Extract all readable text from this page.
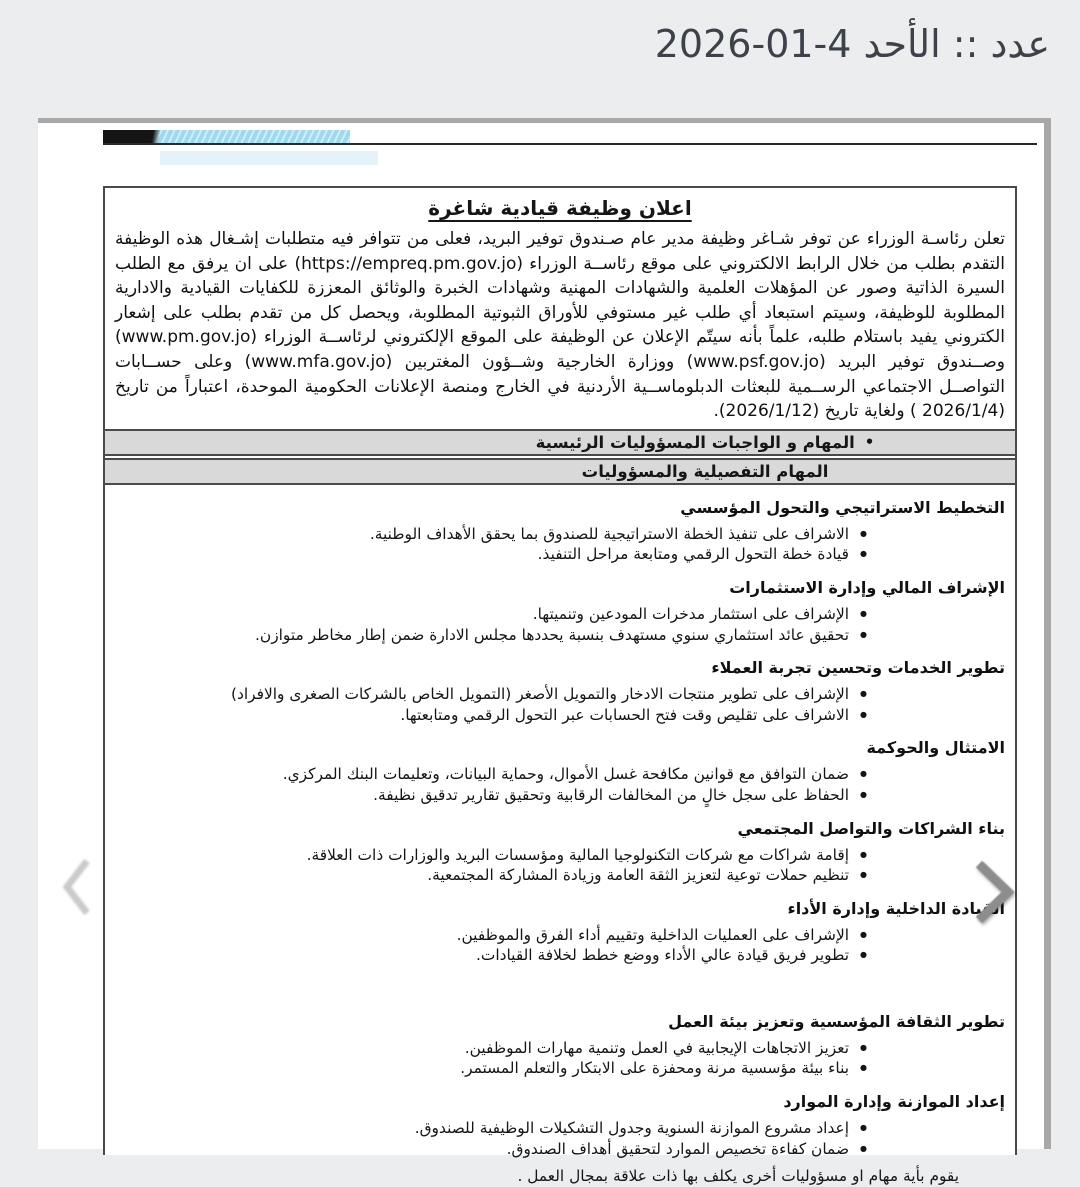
عدد :: الأحد 4-01-2026
اعلان وظيفة قيادية شاغرة

تعلن رئاسـة الوزراء عن توفر شـاغر وظيفة مدير عام صـندوق توفير البريد، فعلى من تتوافر فيه متطلبات إشـغال هذه الوظيفة التقدم بطلب من خلال الرابط الالكتروني على موقع رئاســة الوزراء (https://empreq.pm.gov.jo) على ان يرفق مع الطلب السيرة الذاتية وصور عن المؤهلات العلمية والشهادات المهنية وشهادات الخبرة والوثائق المعززة للكفايات القيادية والادارية المطلوبة للوظيفة، وسيتم استبعاد أي طلب غير مستوفي للأوراق الثبوتية المطلوبة، ويحصل كل من تقدم بطلب على إشعار الكتروني يفيد باستلام طلبه، علماً بأنه سيتّم الإعلان عن الوظيفة على الموقع الإلكتروني لرئاســة الوزراء (www.pm.gov.jo) وصــندوق توفير البريد (www.psf.gov.jo) ووزارة الخارجية وشــؤون المغتربين (www.mfa.gov.jo) وعلى حســابات التواصــل الاجتماعي الرســمية للبعثات الدبلوماســية الأردنية في الخارج ومنصة الإعلانات الحكومية الموحدة، اعتباراً من تاريخ (2026/1/4 ) ولغاية تاريخ (2026/1/12).

•
المهام و الواجبات المسؤوليات الرئيسية
المهام التفصيلية والمسؤوليات
التخطيط الاستراتيجي والتحول المؤسسي
● الاشراف على تنفيذ الخطة الاستراتيجية للصندوق بما يحقق الأهداف الوطنية.
● قيادة خطة التحول الرقمي ومتابعة مراحل التنفيذ.
الإشراف المالي وإدارة الاستثمارات
● الإشراف على استثمار مدخرات المودعين وتنميتها.
● تحقيق عائد استثماري سنوي مستهدف بنسبة يحددها مجلس الادارة ضمن إطار مخاطر متوازن.
تطوير الخدمات وتحسين تجربة العملاء
● الإشراف على تطوير منتجات الادخار والتمويل الأصغر (التمويل الخاص بالشركات الصغرى والافراد)
● الاشراف على تقليص وقت فتح الحسابات عبر التحول الرقمي ومتابعتها.
الامتثال والحوكمة
● ضمان التوافق مع قوانين مكافحة غسل الأموال، وحماية البيانات، وتعليمات البنك المركزي.
● الحفاظ على سجل خالٍ من المخالفات الرقابية وتحقيق تقارير تدقيق نظيفة.
بناء الشراكات والتواصل المجتمعي
● إقامة شراكات مع شركات التكنولوجيا المالية ومؤسسات البريد والوزارات ذات العلاقة.
● تنظيم حملات توعية لتعزيز الثقة العامة وزيادة المشاركة المجتمعية.
القيادة الداخلية وإدارة الأداء
● الإشراف على العمليات الداخلية وتقييم أداء الفرق والموظفين.
● تطوير فريق قيادة عالي الأداء ووضع خطط لخلافة القيادات.
تطوير الثقافة المؤسسية وتعزيز بيئة العمل
● تعزيز الاتجاهات الإيجابية في العمل وتنمية مهارات الموظفين.
● بناء بيئة مؤسسية مرنة ومحفزة على الابتكار والتعلم المستمر.
إعداد الموازنة وإدارة الموارد
● إعداد مشروع الموازنة السنوية وجدول التشكيلات الوظيفية للصندوق.
● ضمان كفاءة تخصيص الموارد لتحقيق أهداف الصندوق.

يقوم بأية مهام او مسؤوليات أخرى يكلف بها ذات علاقة بمجال العمل .
